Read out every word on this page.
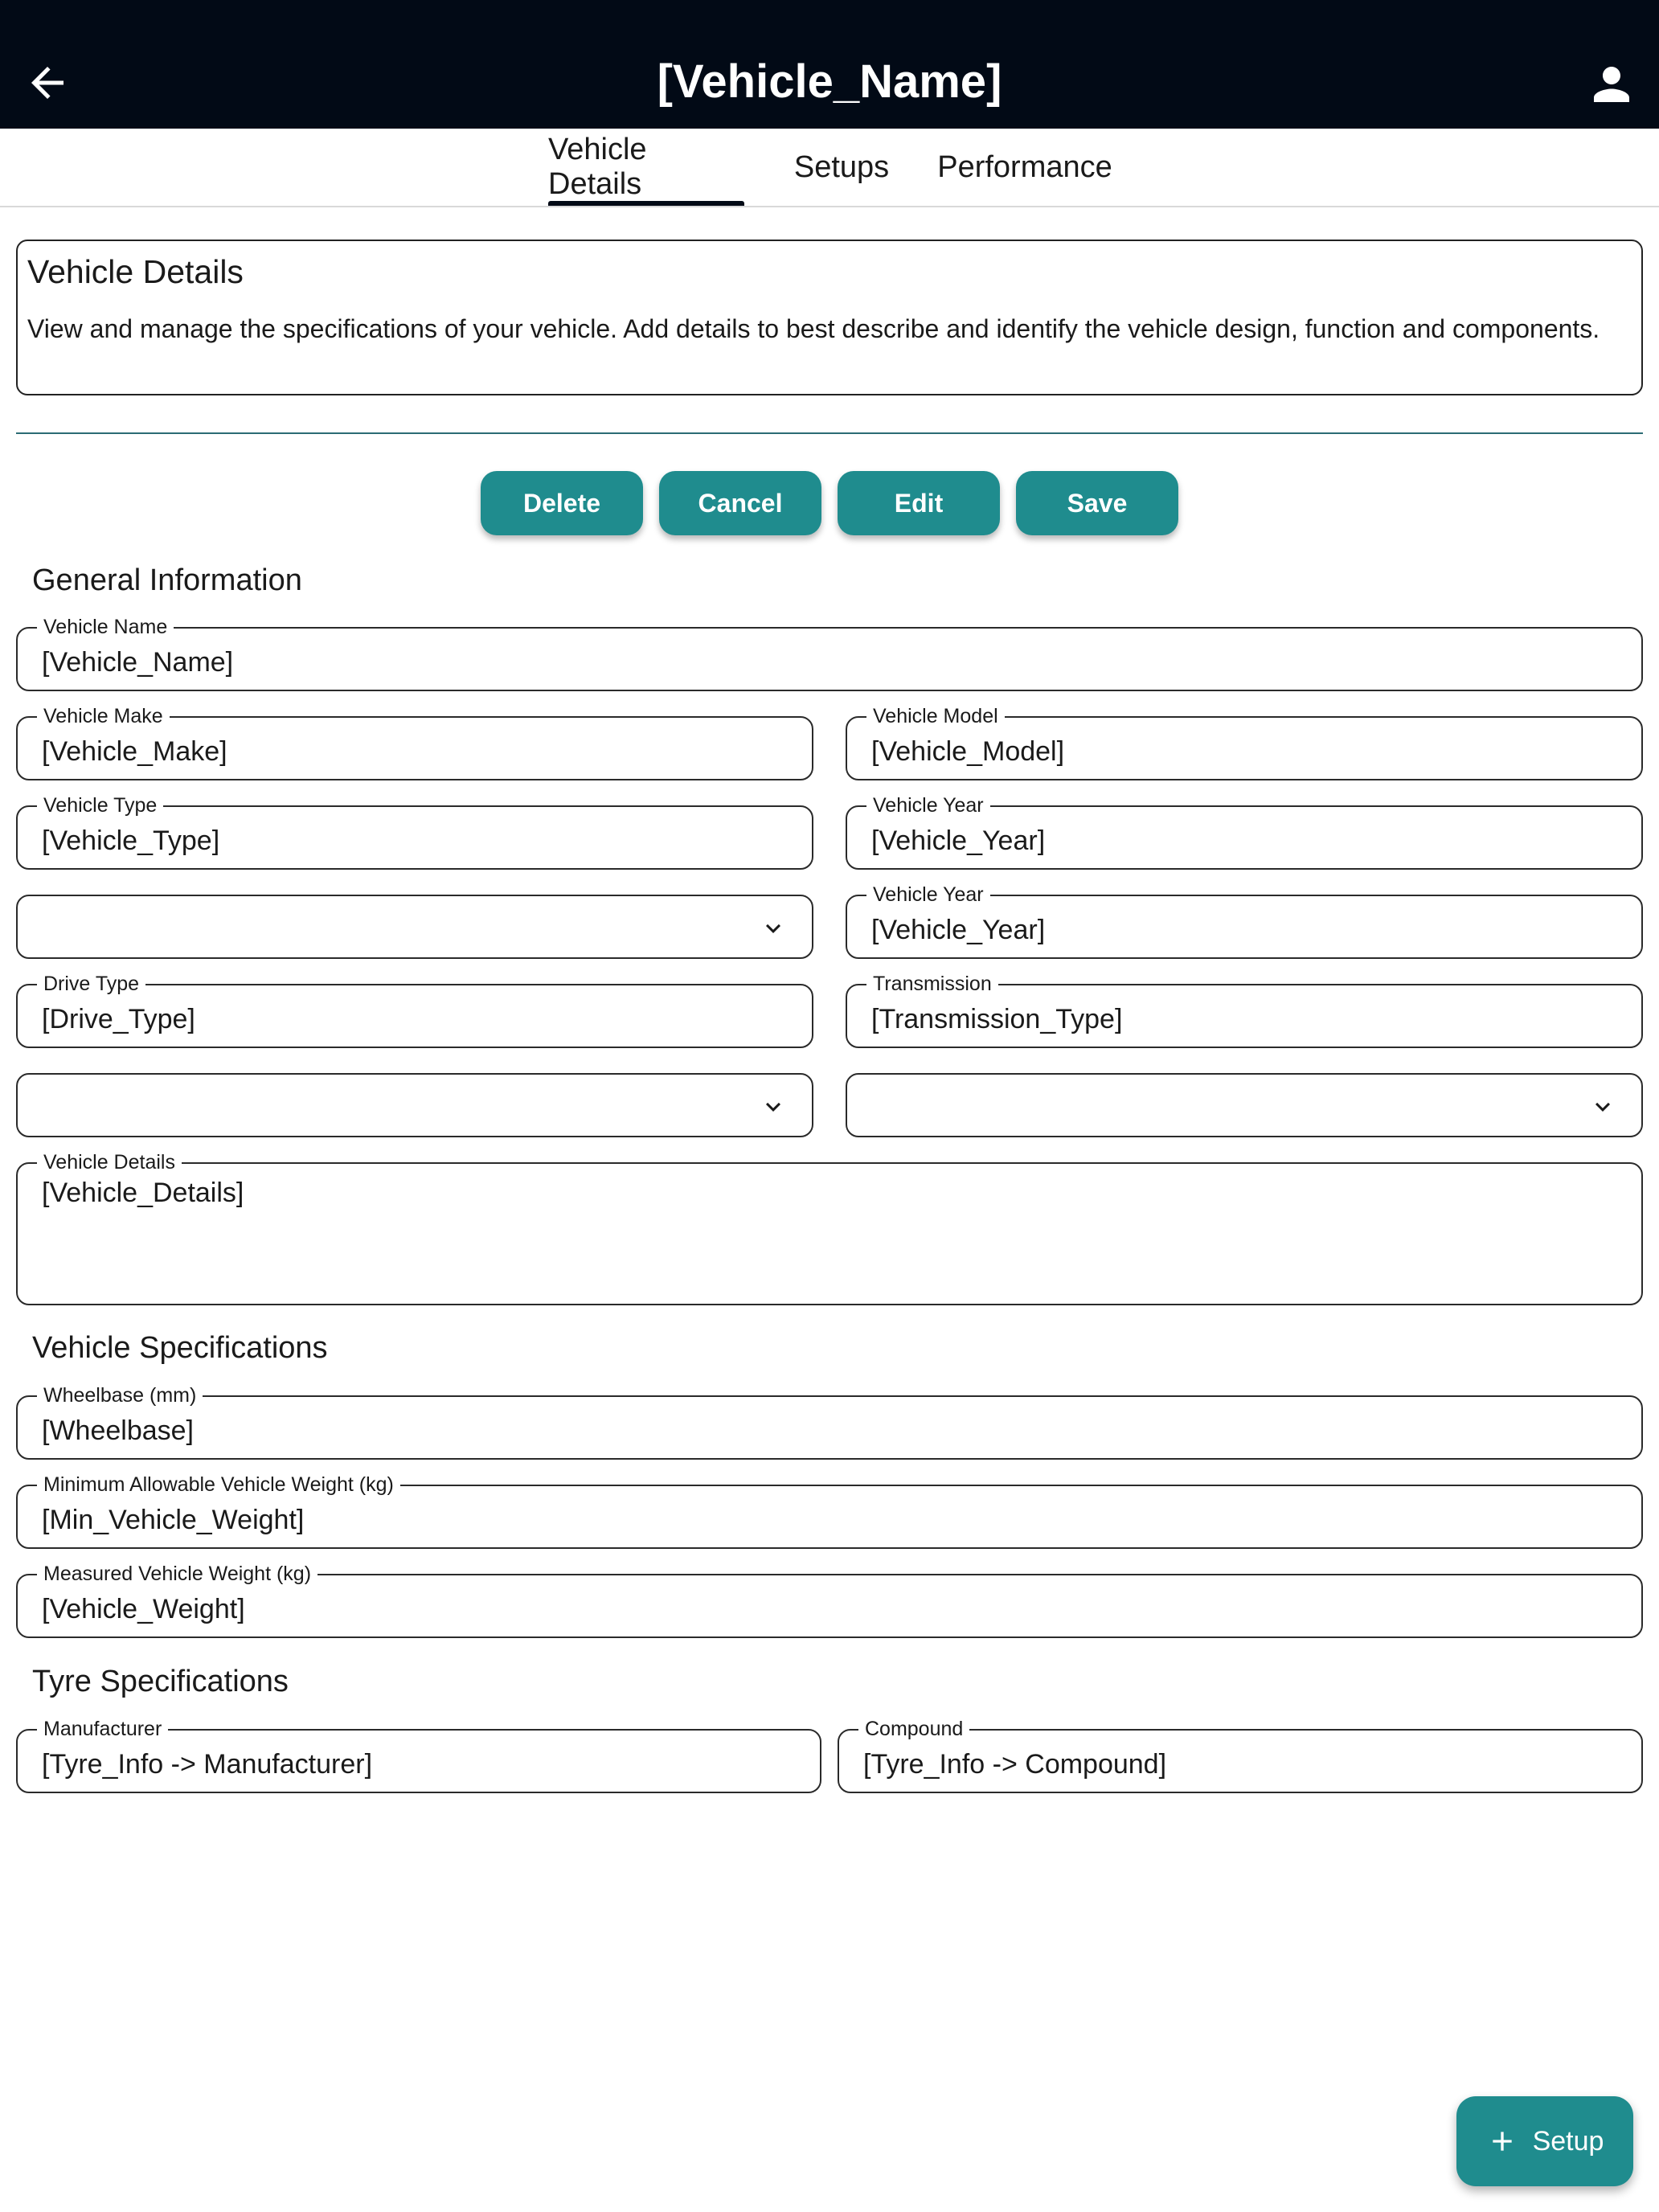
[Vehicle_Name]
Vehicle Details
Setups Performance
Vehicle Details

View and manage the specifications of your vehicle. Add details to best describe and identify the vehicle design, function and components.

Delete	Cancel	Edit	Save
General Information
Vehicle Name
[Vehicle_Name]
Vehicle Make
[Vehicle_Make]
Vehicle Model
[Vehicle_Model]
Vehicle Type
[Vehicle_Type]
Vehicle Year
[Vehicle_Year]
Vehicle Year
[Vehicle_Year]
Drive Type
[Drive_Type]
Transmission
[Transmission_Type]
Vehicle Details
[Vehicle_Details]
Vehicle Specifications
Wheelbase (mm)
[Wheelbase]
Minimum Allowable Vehicle Weight (kg)
[Min_Vehicle_Weight]
Measured Vehicle Weight (kg)
[Vehicle_Weight]
Tyre Specifications
Manufacturer
[Tyre_Info -> Manufacturer]
Compound
[Tyre_Info -> Compound]
Setup
